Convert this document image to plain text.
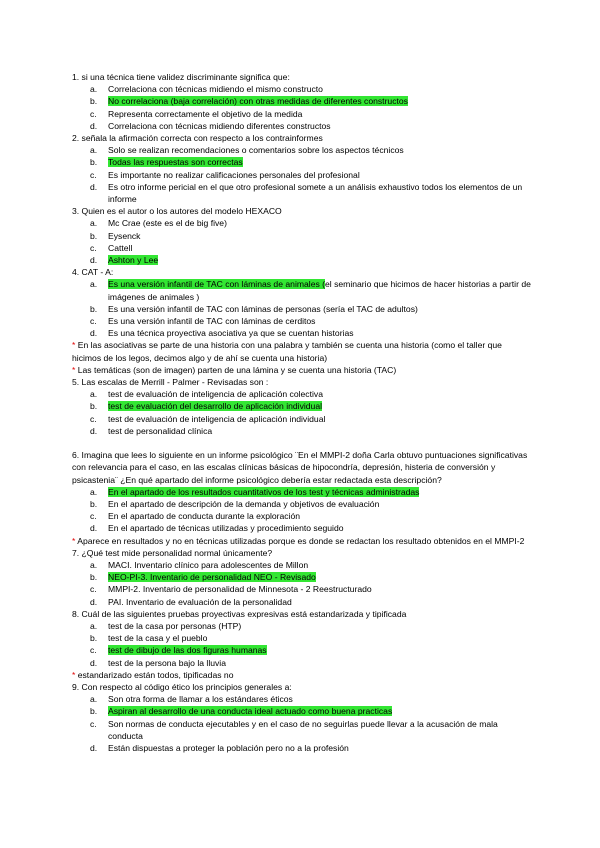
1. si una técnica tiene validez discriminante significa que:
a.	Correlaciona con técnicas midiendo el mismo constructo
b.	No correlaciona (baja correlación) con otras medidas de diferentes constructos
c.	Representa correctamente el objetivo de la medida
d.	Correlaciona con técnicas midiendo diferentes constructos
2. señala la afirmación correcta con respecto a los contrainformes
a.	Solo se realizan recomendaciones o comentarios sobre los aspectos técnicos
b.	Todas las respuestas son correctas
c.	Es importante no realizar calificaciones personales del profesional
d.	Es otro informe pericial en el que otro profesional somete a un análisis exhaustivo todos los elementos de un informe
3. Quien es el autor o los autores del modelo HEXACO
a.	Mc Crae (este es el de big five)
b.	Eysenck
c.	Cattell
d.	Ashton y Lee
4. CAT - A:
a.	Es una versión infantil de TAC con láminas de animales (el seminario que hicimos de hacer historias a partir de imágenes de animales )
b.	Es una versión infantil de TAC con láminas de personas (sería el TAC de adultos)
c.	Es una versión infantil de TAC con láminas de cerditos
d.	Es una técnica proyectiva asociativa ya que se cuentan historias
* En las asociativas se parte de una historia con una palabra y también se cuenta una historia (como el taller que hicimos de los legos, decimos algo y de ahí se cuenta una historia)
* Las temáticas (son de imagen) parten de una lámina y se cuenta una historia (TAC)
5. Las escalas de Merrill - Palmer - Revisadas son :
a.	test de evaluación de inteligencia de aplicación colectiva
b.	test de evaluación del desarrollo de aplicación individual
c.	test de evaluación de inteligencia de aplicación individual
d.	test de personalidad clínica
6. Imagina que lees lo siguiente en un informe psicológico ¨En el MMPI-2 doña Carla obtuvo puntuaciones significativas con relevancia para el caso, en las escalas clínicas básicas de hipocondría, depresión, histeria de conversión y psicastenia¨ ¿En qué apartado del informe psicológico debería estar redactada esta descripción?
a.	En el apartado de los resultados cuantitativos de los test y técnicas administradas
b.	En el apartado de descripción de la demanda y objetivos de evaluación
c.	En el apartado de conducta durante la exploración
d.	En el apartado de técnicas utilizadas y procedimiento seguido
* Aparece en resultados y no en técnicas utilizadas porque es donde se redactan los resultado obtenidos en el MMPI-2
7. ¿Qué test mide personalidad normal únicamente?
a.	MACI. Inventario clínico para adolescentes de Millon
b.	NEO-PI-3. Inventario de personalidad NEO - Revisado
c.	MMPI-2. Inventario de personalidad de Minnesota - 2 Reestructurado
d.	PAI. Inventario de evaluación de la personalidad
8. Cuál de las siguientes pruebas proyectivas expresivas está estandarizada y tipificada
a.	test de la casa por personas (HTP)
b.	test de la casa y el pueblo
c.	test de dibujo de las dos figuras humanas
d.	test de la persona bajo la lluvia
* estandarizado están todos, tipificadas no
9. Con respecto al código ético los principios generales a:
a.	Son otra forma de llamar a los estándares éticos
b.	Aspiran al desarrollo de una conducta ideal actuado como buena practicas
c.	Son normas de conducta ejecutables y en el caso de no seguirlas puede llevar a la acusación de mala conducta
d.	Están dispuestas a proteger la población pero no a la profesión
